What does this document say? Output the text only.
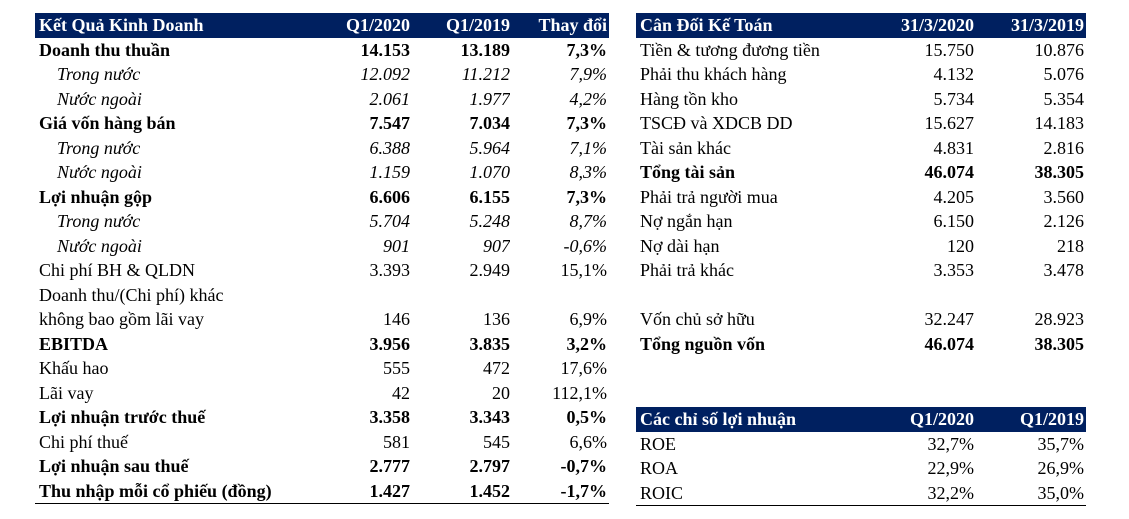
Kết Quả Kinh Doanh	Q1/2020	Q1/2019	Thay đổi
Doanh thu thuần	14.153	13.189	7,3%
Trong nước	12.092	11.212	7,9%
Nước ngoài	2.061	1.977	4,2%
Giá vốn hàng bán	7.547	7.034	7,3%
Trong nước	6.388	5.964	7,1%
Nước ngoài	1.159	1.070	8,3%
Lợi nhuận gộp	6.606	6.155	7,3%
Trong nước	5.704	5.248	8,7%
Nước ngoài	901	907	-0,6%
Chi phí BH & QLDN	3.393	2.949	15,1%
Doanh thu/(Chi phí) khác			
không bao gồm lãi vay	146	136	6,9%
EBITDA	3.956	3.835	3,2%
Khấu hao	555	472	17,6%
Lãi vay	42	20	112,1%
Lợi nhuận trước thuế	3.358	3.343	0,5%
Chi phí thuế	581	545	6,6%
Lợi nhuận sau thuế	2.777	2.797	-0,7%
Thu nhập mỗi cổ phiếu (đồng)	1.427	1.452	-1,7%
Cân Đối Kế Toán	31/3/2020	31/3/2019
Tiền & tương đương tiền	15.750	10.876
Phải thu khách hàng	4.132	5.076
Hàng tồn kho	5.734	5.354
TSCĐ và XDCB DD	15.627	14.183
Tài sản khác	4.831	2.816
Tổng tài sản	46.074	38.305
Phải trả người mua	4.205	3.560
Nợ ngắn hạn	6.150	2.126
Nợ dài hạn	120	218
Phải trả khác	3.353	3.478

Vốn chủ sở hữu	32.247	28.923
Tổng nguồn vốn	46.074	38.305
Các chỉ số lợi nhuận	Q1/2020	Q1/2019
ROE	32,7%	35,7%
ROA	22,9%	26,9%
ROIC	32,2%	35,0%
